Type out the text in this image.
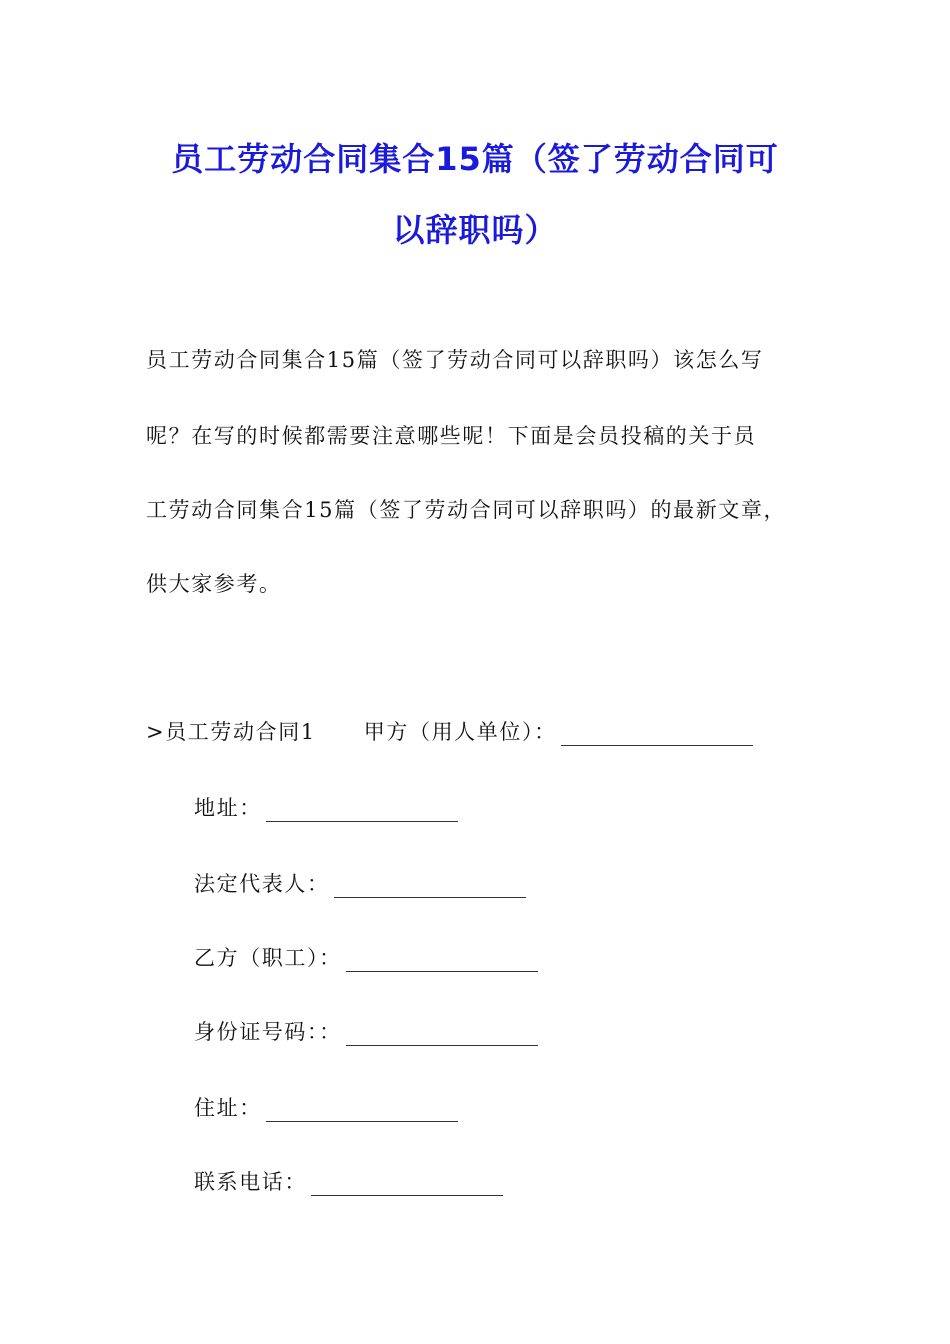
员工劳动合同集合15篇（签了劳动合同可
以辞职吗）
员工劳动合同集合15篇（签了劳动合同可以辞职吗）该怎么写
呢？在写的时候都需要注意哪些呢！下面是会员投稿的关于员
工劳动合同集合15篇（签了劳动合同可以辞职吗）的最新文章，
供大家参考。
>员工劳动合同1 甲方（用人单位）：
地址：
法定代表人：
乙方（职工）：
身份证号码：：
住址：
联系电话：
